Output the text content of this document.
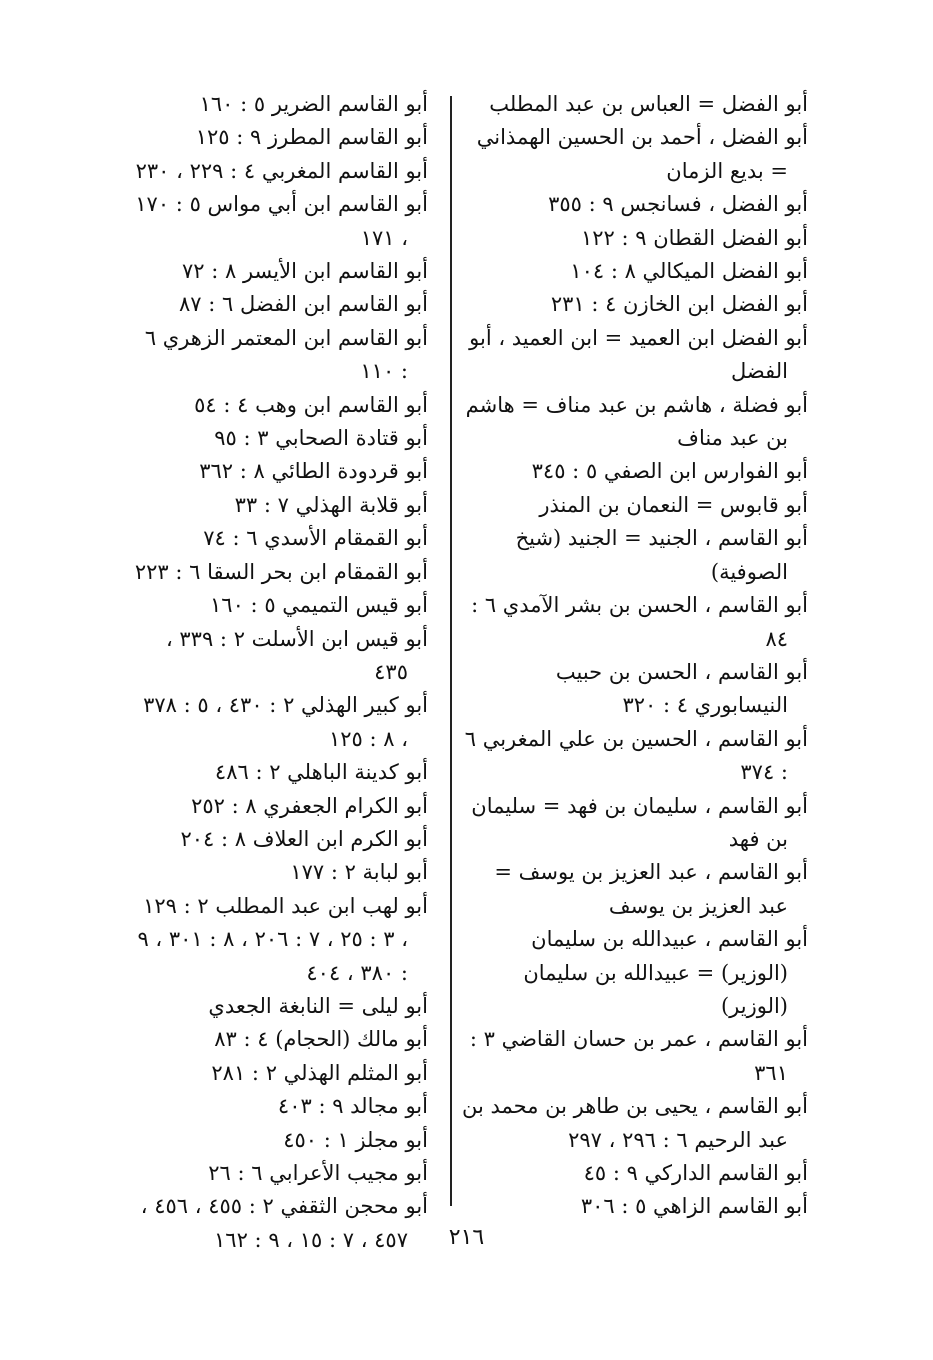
أبو الفضل = العباس بن عبد المطلب
أبو الفضل ، أحمد بن الحسين الهمذاني = بديع الزمان
أبو الفضل ، فسانجس ٩ : ٣٥٥
أبو الفضل القطان ٩ : ١٢٢
أبو الفضل الميكالي ٨ : ١٠٤
أبو الفضل ابن الخازن ٤ : ٢٣١
أبو الفضل ابن العميد = ابن العميد ، أبو الفضل
أبو فضلة ، هاشم بن عبد مناف = هاشم بن عبد مناف
أبو الفوارس ابن الصفي ٥ : ٣٤٥
أبو قابوس = النعمان بن المنذر
أبو القاسم ، الجنيد = الجنيد (شيخ الصوفية)
أبو القاسم ، الحسن بن بشر الآمدي ٦ : ٨٤
أبو القاسم ، الحسن بن حبيب النيسابوري ٤ : ٣٢٠
أبو القاسم ، الحسين بن علي المغربي ٦ : ٣٧٤
أبو القاسم ، سليمان بن فهد = سليمان بن فهد
أبو القاسم ، عبد العزيز بن يوسف = عبد العزيز بن يوسف
أبو القاسم ، عبيدالله بن سليمان (الوزير) = عبيدالله بن سليمان (الوزير)
أبو القاسم ، عمر بن حسان القاضي ٣ : ٣٦١
أبو القاسم ، يحيى بن طاهر بن محمد بن عبد الرحيم ٦ : ٢٩٦ ، ٢٩٧
أبو القاسم الداركي ٩ : ٤٥
أبو القاسم الزاهي ٥ : ٣٠٦
أبو القاسم الضرير ٥ : ١٦٠
أبو القاسم المطرز ٩ : ١٢٥
أبو القاسم المغربي ٤ : ٢٢٩ ، ٢٣٠
أبو القاسم ابن أبي مواس ٥ : ١٧٠ ، ١٧١
أبو القاسم ابن الأيسر ٨ : ٧٢
أبو القاسم ابن الفضل ٦ : ٨٧
أبو القاسم ابن المعتمر الزهري ٦ : ١١٠
أبو القاسم ابن وهب ٤ : ٥٤
أبو قتادة الصحابي ٣ : ٩٥
أبو قردودة الطائي ٨ : ٣٦٢
أبو قلابة الهذلي ٧ : ٣٣
أبو القمقام الأسدي ٦ : ٧٤
أبو القمقام ابن بحر السقا ٦ : ٢٢٣
أبو قيس التميمي ٥ : ١٦٠
أبو قيس ابن الأسلت ٢ : ٣٣٩ ، ٤٣٥
أبو كبير الهذلي ٢ : ٤٣٠ ، ٥ : ٣٧٨ ، ٨ : ١٢٥
أبو كدينة الباهلي ٢ : ٤٨٦
أبو الكرام الجعفري ٨ : ٢٥٢
أبو الكرم ابن العلاف ٨ : ٢٠٤
أبو لبابة ٢ : ١٧٧
أبو لهب ابن عبد المطلب ٢ : ١٢٩ ، ٣ : ٢٥ ، ٧ : ٢٠٦ ، ٨ : ٣٠١ ، ٩ : ٣٨٠ ، ٤٠٤
أبو ليلى = النابغة الجعدي
أبو مالك (الحجام) ٤ : ٨٣
أبو المثلم الهذلي ٢ : ٢٨١
أبو مجالد ٩ : ٤٠٣
أبو مجلز ١ : ٤٥٠
أبو مجيب الأعرابي ٦ : ٢٦
أبو محجن الثقفي ٢ : ٤٥٥ ، ٤٥٦ ، ٤٥٧ ، ٧ : ١٥ ، ٩ : ١٦٢	٢١٦
